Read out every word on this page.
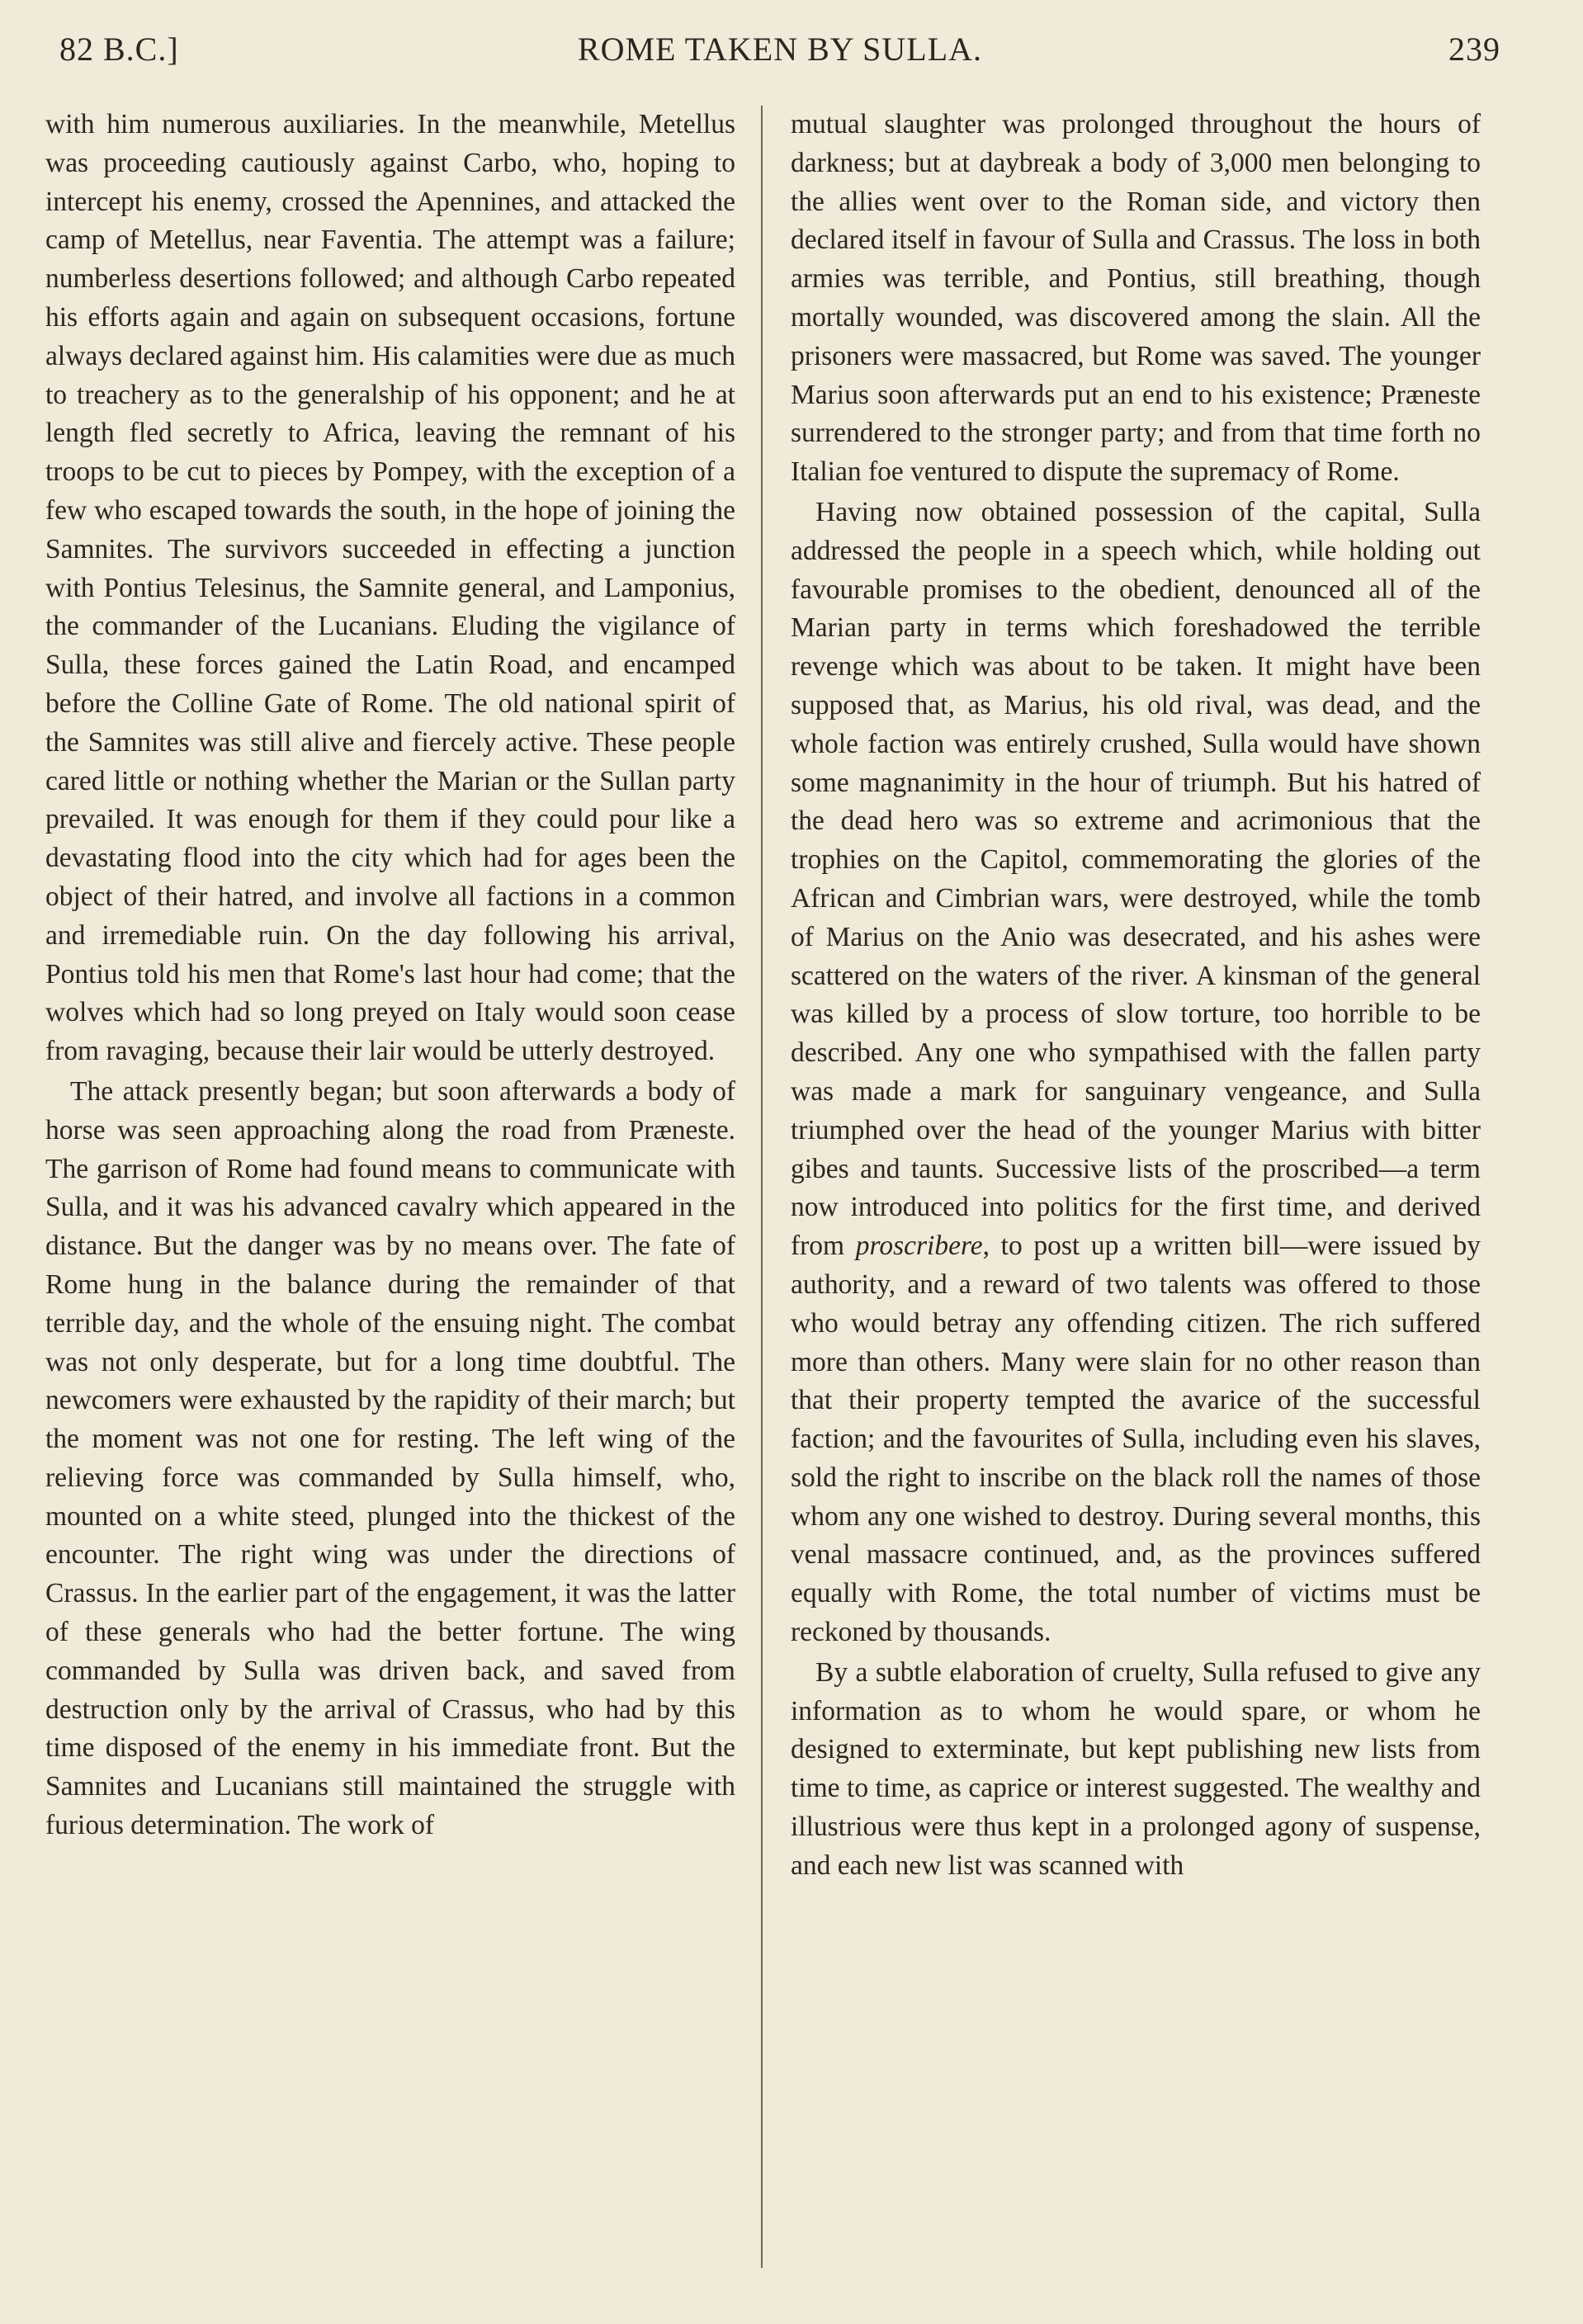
82 B.C.]	ROME TAKEN BY SULLA.	239

with him numerous auxiliaries. In the meanwhile, Metellus was proceeding cautiously against Carbo, who, hoping to intercept his enemy, crossed the Apennines, and attacked the camp of Metellus, near Faventia. The attempt was a failure; numberless desertions followed; and although Carbo repeated his efforts again and again on subsequent occasions, fortune always declared against him. His calamities were due as much to treachery as to the generalship of his opponent; and he at length fled secretly to Africa, leaving the remnant of his troops to be cut to pieces by Pompey, with the exception of a few who escaped towards the south, in the hope of joining the Samnites. The survivors succeeded in effecting a junction with Pontius Telesinus, the Samnite general, and Lamponius, the commander of the Lucanians. Eluding the vigilance of Sulla, these forces gained the Latin Road, and encamped before the Colline Gate of Rome. The old national spirit of the Samnites was still alive and fiercely active. These people cared little or nothing whether the Marian or the Sullan party prevailed. It was enough for them if they could pour like a devastating flood into the city which had for ages been the object of their hatred, and involve all factions in a common and irremediable ruin. On the day following his arrival, Pontius told his men that Rome's last hour had come; that the wolves which had so long preyed on Italy would soon cease from ravaging, because their lair would be utterly destroyed.

The attack presently began; but soon afterwards a body of horse was seen approaching along the road from Præneste. The garrison of Rome had found means to communicate with Sulla, and it was his advanced cavalry which appeared in the distance. But the danger was by no means over. The fate of Rome hung in the balance during the remainder of that terrible day, and the whole of the ensuing night. The combat was not only desperate, but for a long time doubtful. The newcomers were exhausted by the rapidity of their march; but the moment was not one for resting. The left wing of the relieving force was commanded by Sulla himself, who, mounted on a white steed, plunged into the thickest of the encounter. The right wing was under the directions of Crassus. In the earlier part of the engagement, it was the latter of these generals who had the better fortune. The wing commanded by Sulla was driven back, and saved from destruction only by the arrival of Crassus, who had by this time disposed of the enemy in his immediate front. But the Samnites and Lucanians still maintained the struggle with furious determination. The work of

mutual slaughter was prolonged throughout the hours of darkness; but at daybreak a body of 3,000 men belonging to the allies went over to the Roman side, and victory then declared itself in favour of Sulla and Crassus. The loss in both armies was terrible, and Pontius, still breathing, though mortally wounded, was discovered among the slain. All the prisoners were massacred, but Rome was saved. The younger Marius soon afterwards put an end to his existence; Præneste surrendered to the stronger party; and from that time forth no Italian foe ventured to dispute the supremacy of Rome.

Having now obtained possession of the capital, Sulla addressed the people in a speech which, while holding out favourable promises to the obedient, denounced all of the Marian party in terms which foreshadowed the terrible revenge which was about to be taken. It might have been supposed that, as Marius, his old rival, was dead, and the whole faction was entirely crushed, Sulla would have shown some magnanimity in the hour of triumph. But his hatred of the dead hero was so extreme and acrimonious that the trophies on the Capitol, commemorating the glories of the African and Cimbrian wars, were destroyed, while the tomb of Marius on the Anio was desecrated, and his ashes were scattered on the waters of the river. A kinsman of the general was killed by a process of slow torture, too horrible to be described. Any one who sympathised with the fallen party was made a mark for sanguinary vengeance, and Sulla triumphed over the head of the younger Marius with bitter gibes and taunts. Successive lists of the proscribed—a term now introduced into politics for the first time, and derived from proscribere, to post up a written bill—were issued by authority, and a reward of two talents was offered to those who would betray any offending citizen. The rich suffered more than others. Many were slain for no other reason than that their property tempted the avarice of the successful faction; and the favourites of Sulla, including even his slaves, sold the right to inscribe on the black roll the names of those whom any one wished to destroy. During several months, this venal massacre continued, and, as the provinces suffered equally with Rome, the total number of victims must be reckoned by thousands.

By a subtle elaboration of cruelty, Sulla refused to give any information as to whom he would spare, or whom he designed to exterminate, but kept publishing new lists from time to time, as caprice or interest suggested. The wealthy and illustrious were thus kept in a prolonged agony of suspense, and each new list was scanned with
